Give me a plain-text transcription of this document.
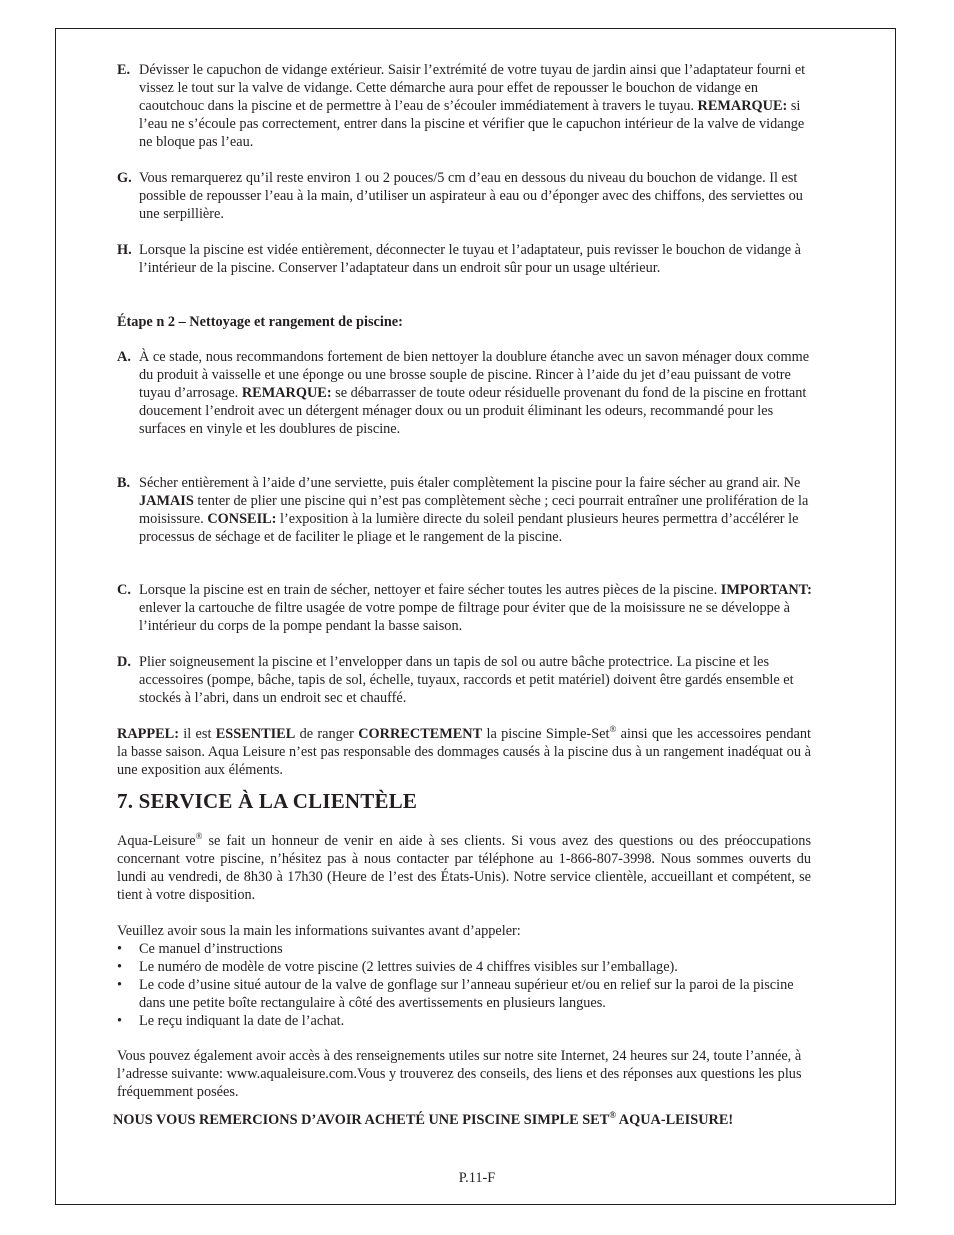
E. Dévisser le capuchon de vidange extérieur. Saisir l’extrémité de votre tuyau de jardin ainsi que l’adaptateur fourni et vissez le tout sur la valve de vidange. Cette démarche aura pour effet de repousser le bouchon de vidange en caoutchouc dans la piscine et de permettre à l’eau de s’écouler immédiatement à travers le tuyau. REMARQUE: si l’eau ne s’écoule pas correctement, entrer dans la piscine et vérifier que le capuchon intérieur de la valve de vidange ne bloque pas l’eau.
G. Vous remarquerez qu’il reste environ 1 ou 2 pouces/5 cm d’eau en dessous du niveau du bouchon de vidange. Il est possible de repousser l’eau à la main, d’utiliser un aspirateur à eau ou d’éponger avec des chiffons, des serviettes ou une serpillière.
H. Lorsque la piscine est vidée entièrement, déconnecter le tuyau et l’adaptateur, puis revisser le bouchon de vidange à l’intérieur de la piscine. Conserver l’adaptateur dans un endroit sûr pour un usage ultérieur.

Étape n 2 – Nettoyage et rangement de piscine:

A. À ce stade, nous recommandons fortement de bien nettoyer la doublure étanche avec un savon ménager doux comme du produit à vaisselle et une éponge ou une brosse souple de piscine. Rincer à l’aide du jet d’eau puissant de votre tuyau d’arrosage. REMARQUE: se débarrasser de toute odeur résiduelle provenant du fond de la piscine en frottant doucement l’endroit avec un détergent ménager doux ou un produit éliminant les odeurs, recommandé pour les surfaces en vinyle et les doublures de piscine.
B. Sécher entièrement à l’aide d’une serviette, puis étaler complètement la piscine pour la faire sécher au grand air. Ne JAMAIS tenter de plier une piscine qui n’est pas complètement sèche ; ceci pourrait entraîner une prolifération de la moisissure. CONSEIL: l’exposition à la lumière directe du soleil pendant plusieurs heures permettra d’accélérer le processus de séchage et de faciliter le pliage et le rangement de la piscine.
C. Lorsque la piscine est en train de sécher, nettoyer et faire sécher toutes les autres pièces de la piscine. IMPORTANT: enlever la cartouche de filtre usagée de votre pompe de filtrage pour éviter que de la moisissure ne se développe à l’intérieur du corps de la pompe pendant la basse saison.
D. Plier soigneusement la piscine et l’envelopper dans un tapis de sol ou autre bâche protectrice. La piscine et les accessoires (pompe, bâche, tapis de sol, échelle, tuyaux, raccords et petit matériel) doivent être gardés ensemble et stockés à l’abri, dans un endroit sec et chauffé.

RAPPEL: il est ESSENTIEL de ranger CORRECTEMENT la piscine Simple-Set® ainsi que les accessoires pendant la basse saison. Aqua Leisure n’est pas responsable des dommages causés à la piscine dus à un rangement inadéquat ou à une exposition aux éléments.

7. SERVICE À LA CLIENTÈLE

Aqua-Leisure® se fait un honneur de venir en aide à ses clients. Si vous avez des questions ou des préoccupations concernant votre piscine, n’hésitez pas à nous contacter par téléphone au 1-866-807-3998. Nous sommes ouverts du lundi au vendredi, de 8h30 à 17h30 (Heure de l’est des États-Unis). Notre service clientèle, accueillant et compétent, se tient à votre disposition.

Veuillez avoir sous la main les informations suivantes avant d’appeler:

• Ce manuel d’instructions
• Le numéro de modèle de votre piscine (2 lettres suivies de 4 chiffres visibles sur l’emballage).
• Le code d’usine situé autour de la valve de gonflage sur l’anneau supérieur et/ou en relief sur la paroi de la piscine dans une petite boîte rectangulaire à côté des avertissements en plusieurs langues.
• Le reçu indiquant la date de l’achat.

Vous pouvez également avoir accès à des renseignements utiles sur notre site Internet, 24 heures sur 24, toute l’année, à l’adresse suivante: www.aqualeisure.com.Vous y trouverez des conseils, des liens et des réponses aux questions les plus fréquemment posées.

NOUS VOUS REMERCIONS D’AVOIR ACHETÉ UNE PISCINE SIMPLE SET® AQUA-LEISURE!

P.11-F
